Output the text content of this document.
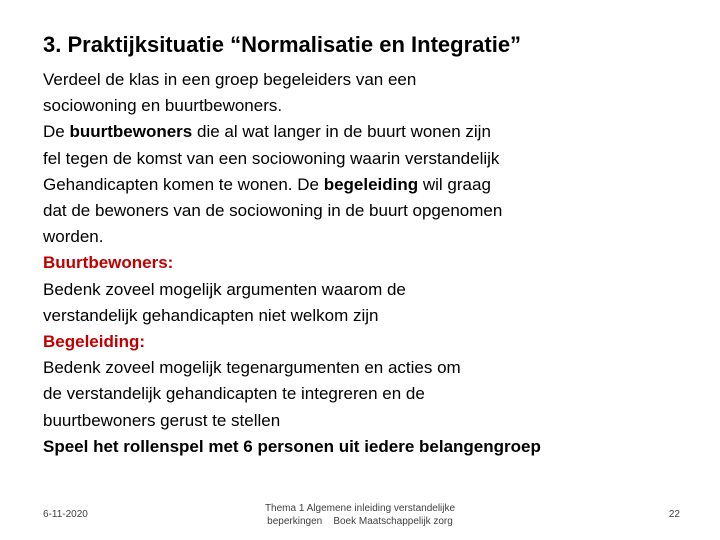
3. Praktijksituatie “Normalisatie en Integratie”
Verdeel de klas in een groep begeleiders van een
sociowoning en buurtbewoners.
De buurtbewoners die al wat langer in de buurt wonen zijn
fel tegen de komst van een sociowoning waarin verstandelijk
Gehandicapten komen te wonen. De begeleiding wil graag
dat de bewoners van de sociowoning in de buurt opgenomen
worden.
Buurtbewoners:
Bedenk zoveel mogelijk argumenten waarom de
verstandelijk gehandicapten niet welkom zijn
Begeleiding:
Bedenk zoveel mogelijk tegenargumenten en acties om
de verstandelijk gehandicapten te integreren en de
buurtbewoners gerust te stellen
Speel het rollenspel met 6 personen uit iedere belangengroep
6-11-2020
Thema 1 Algemene inleiding verstandelijke
beperkingen    Boek Maatschappelijk zorg
22
